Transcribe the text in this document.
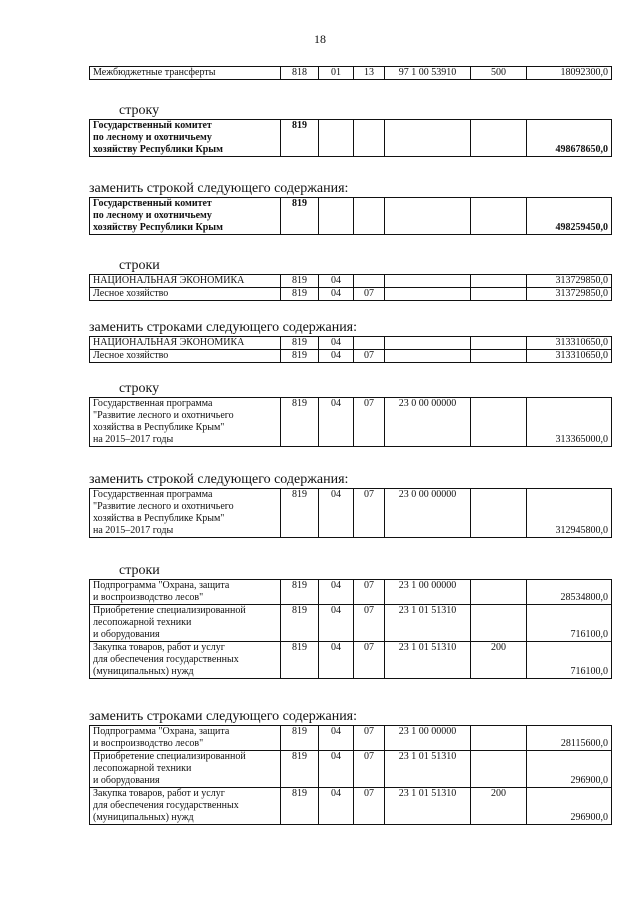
18
Межбюджетные трансферты	818	01	13	97 1 00 53910	500	18092300,0
строку
Государственный комитет
по лесному и охотничьему
хозяйству Республики Крым
	819					498678650,0
заменить строкой следующего содержания:
Государственный комитет
по лесному и охотничьему
хозяйству Республики Крым
	819					498259450,0
строки
НАЦИОНАЛЬНАЯ ЭКОНОМИКА	819	04				313729850,0

Лесное хозяйство	819	04	07			313729850,0
заменить строками следующего содержания:
НАЦИОНАЛЬНАЯ ЭКОНОМИКА	819	04				313310650,0

Лесное хозяйство	819	04	07			313310650,0
строку
Государственная программа
"Развитие лесного и охотничьего
хозяйства в Республике Крым"
на 2015–2017 годы
	819	04	07	23 0 00 00000		313365000,0
заменить строкой следующего содержания:
Государственная программа
"Развитие лесного и охотничьего
хозяйства в Республике Крым"
на 2015–2017 годы
	819	04	07	23 0 00 00000		312945800,0
строки
Подпрограмма "Охрана, защита
и воспроизводство лесов"	819	04	07	23 1 00 00000		28534800,0

Приобретение специализированной
лесопожарной техники
и оборудования	819	04	07	23 1 01 51310		716100,0

Закупка товаров, работ и услуг
для обеспечения государственных
(муниципальных) нужд	819	04	07	23 1 01 51310	200	716100,0
заменить строками следующего содержания:
Подпрограмма "Охрана, защита
и воспроизводство лесов"	819	04	07	23 1 00 00000		28115600,0

Приобретение специализированной
лесопожарной техники
и оборудования	819	04	07	23 1 01 51310		296900,0

Закупка товаров, работ и услуг
для обеспечения государственных
(муниципальных) нужд	819	04	07	23 1 01 51310	200	296900,0
